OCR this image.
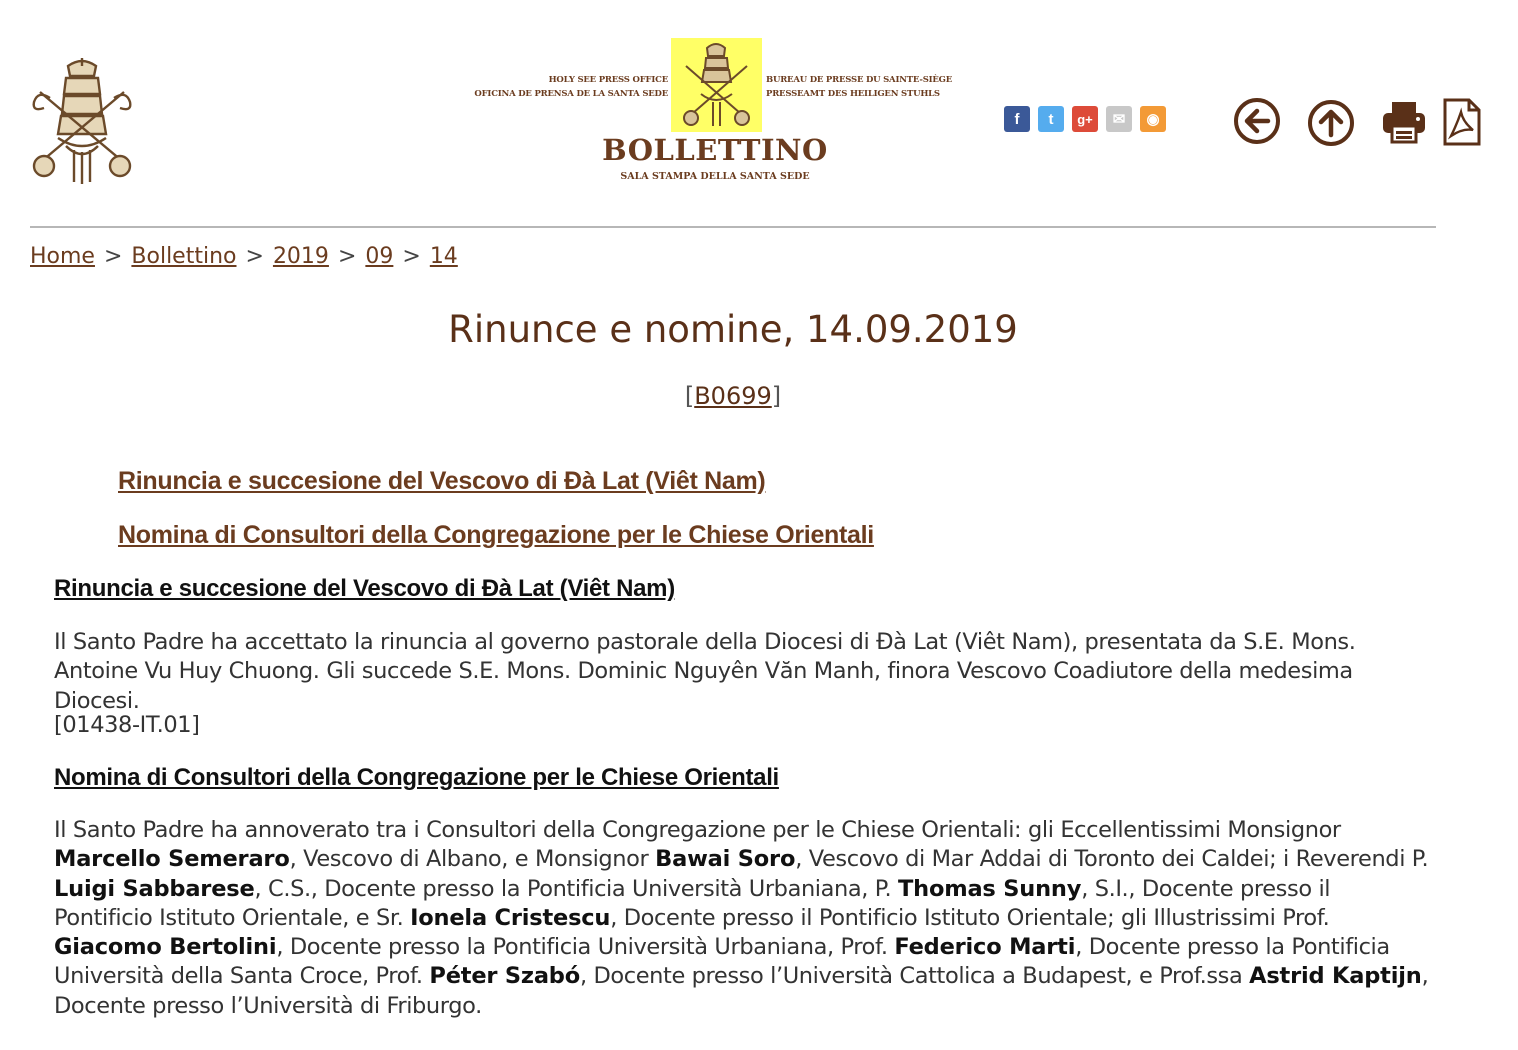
HOLY SEE PRESS OFFICE
OFICINA DE PRENSA DE LA SANTA SEDE
BUREAU DE PRESSE DU SAINTE-SIÈGE
PRESSEAMT DES HEILIGEN STUHLS
BOLLETTINO
SALA STAMPA DELLA SANTA SEDE
f	t	g+	✉	◉
Home > Bollettino > 2019 > 09 > 14
Rinunce e nomine, 14.09.2019
[B0699]
Rinuncia e succesione del Vescovo di Đà Lat (Viêt Nam)
Nomina di Consultori della Congregazione per le Chiese Orientali
Rinuncia e succesione del Vescovo di Đà Lat (Viêt Nam)
Il Santo Padre ha accettato la rinuncia al governo pastorale della Diocesi di Đà Lat (Viêt Nam), presentata da S.E. Mons. Antoine Vu Huy Chuong. Gli succede S.E. Mons. Dominic Nguyên Văn Manh, finora Vescovo Coadiutore della medesima Diocesi.
[01438-IT.01]
Nomina di Consultori della Congregazione per le Chiese Orientali
Il Santo Padre ha annoverato tra i Consultori della Congregazione per le Chiese Orientali: gli Eccellentissimi Monsignor Marcello Semeraro, Vescovo di Albano, e Monsignor Bawai Soro, Vescovo di Mar Addai di Toronto dei Caldei; i Reverendi P. Luigi Sabbarese, C.S., Docente presso la Pontificia Università Urbaniana, P. Thomas Sunny, S.I., Docente presso il Pontificio Istituto Orientale, e Sr. Ionela Cristescu, Docente presso il Pontificio Istituto Orientale; gli Illustrissimi Prof. Giacomo Bertolini, Docente presso la Pontificia Università Urbaniana, Prof. Federico Marti, Docente presso la Pontificia Università della Santa Croce, Prof. Péter Szabó, Docente presso l’Università Cattolica a Budapest, e Prof.ssa Astrid Kaptijn, Docente presso l’Università di Friburgo.
